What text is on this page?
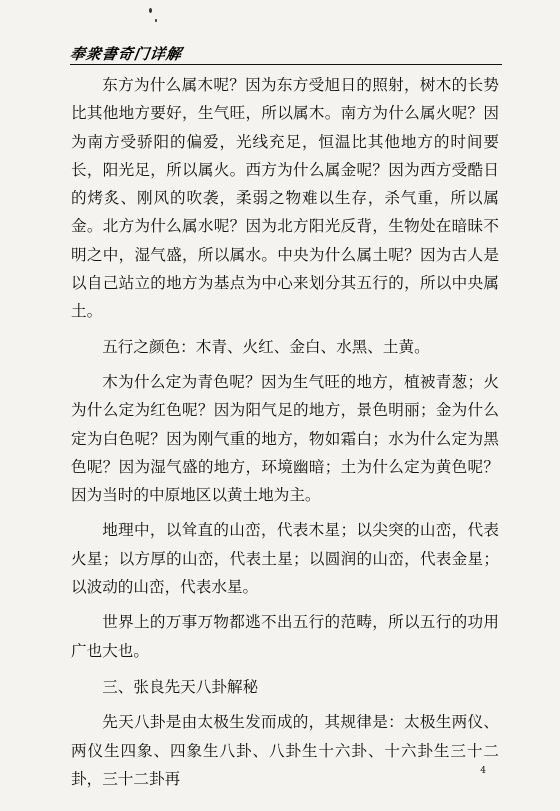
奉衆書奇门详解

东方为什么属木呢？因为东方受旭日的照射，树木的长势比其他地方要好，生气旺，所以属木。南方为什么属火呢？因为南方受骄阳的偏爱，光线充足，恒温比其他地方的时间要长，阳光足，所以属火。西方为什么属金呢？因为西方受酷日的烤炙、刚风的吹袭，柔弱之物难以生存，杀气重，所以属金。北方为什么属水呢？因为北方阳光反背，生物处在暗昧不明之中，湿气盛，所以属水。中央为什么属土呢？因为古人是以自己站立的地方为基点为中心来划分其五行的，所以中央属土。

五行之颜色：木青、火红、金白、水黑、土黄。

木为什么定为青色呢？因为生气旺的地方，植被青葱；火为什么定为红色呢？因为阳气足的地方，景色明丽；金为什么定为白色呢？因为刚气重的地方，物如霜白；水为什么定为黑色呢？因为湿气盛的地方，环境幽暗；土为什么定为黄色呢？因为当时的中原地区以黄土地为主。

地理中，以耸直的山峦，代表木星；以尖突的山峦，代表火星；以方厚的山峦，代表土星；以圆润的山峦，代表金星；以波动的山峦，代表水星。

世界上的万事万物都逃不出五行的范畴，所以五行的功用广也大也。

三、张良先天八卦解秘

先天八卦是由太极生发而成的，其规律是：太极生两仪、两仪生四象、四象生八卦、八卦生十六卦、十六卦生三十二卦，三十二卦再	4
